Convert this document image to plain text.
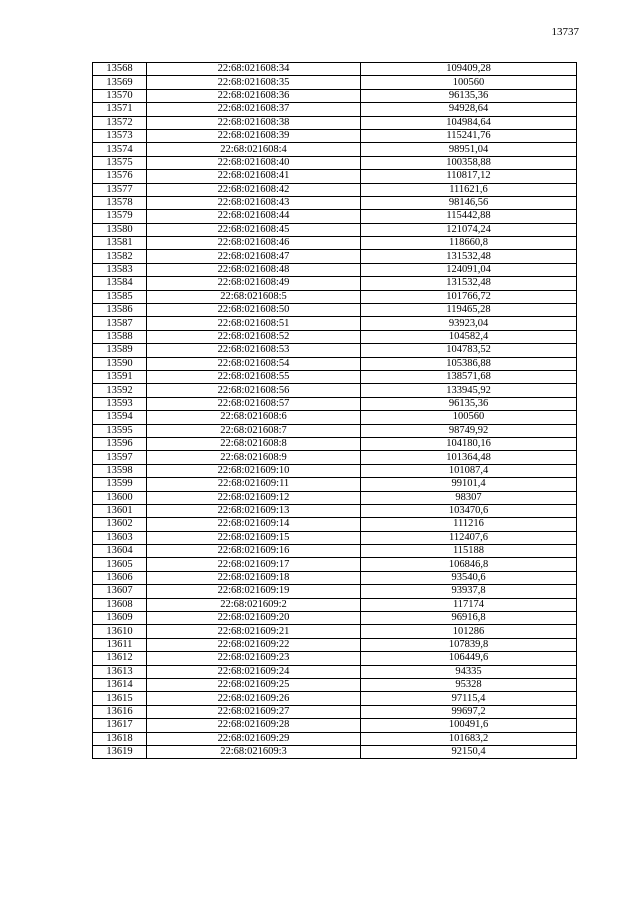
13737
13568	22:68:021608:34	109409,28
13569	22:68:021608:35	100560
13570	22:68:021608:36	96135,36
13571	22:68:021608:37	94928,64
13572	22:68:021608:38	104984,64
13573	22:68:021608:39	115241,76
13574	22:68:021608:4	98951,04
13575	22:68:021608:40	100358,88
13576	22:68:021608:41	110817,12
13577	22:68:021608:42	111621,6
13578	22:68:021608:43	98146,56
13579	22:68:021608:44	115442,88
13580	22:68:021608:45	121074,24
13581	22:68:021608:46	118660,8
13582	22:68:021608:47	131532,48
13583	22:68:021608:48	124091,04
13584	22:68:021608:49	131532,48
13585	22:68:021608:5	101766,72
13586	22:68:021608:50	119465,28
13587	22:68:021608:51	93923,04
13588	22:68:021608:52	104582,4
13589	22:68:021608:53	104783,52
13590	22:68:021608:54	105386,88
13591	22:68:021608:55	138571,68
13592	22:68:021608:56	133945,92
13593	22:68:021608:57	96135,36
13594	22:68:021608:6	100560
13595	22:68:021608:7	98749,92
13596	22:68:021608:8	104180,16
13597	22:68:021608:9	101364,48
13598	22:68:021609:10	101087,4
13599	22:68:021609:11	99101,4
13600	22:68:021609:12	98307
13601	22:68:021609:13	103470,6
13602	22:68:021609:14	111216
13603	22:68:021609:15	112407,6
13604	22:68:021609:16	115188
13605	22:68:021609:17	106846,8
13606	22:68:021609:18	93540,6
13607	22:68:021609:19	93937,8
13608	22:68:021609:2	117174
13609	22:68:021609:20	96916,8
13610	22:68:021609:21	101286
13611	22:68:021609:22	107839,8
13612	22:68:021609:23	106449,6
13613	22:68:021609:24	94335
13614	22:68:021609:25	95328
13615	22:68:021609:26	97115,4
13616	22:68:021609:27	99697,2
13617	22:68:021609:28	100491,6
13618	22:68:021609:29	101683,2
13619	22:68:021609:3	92150,4
